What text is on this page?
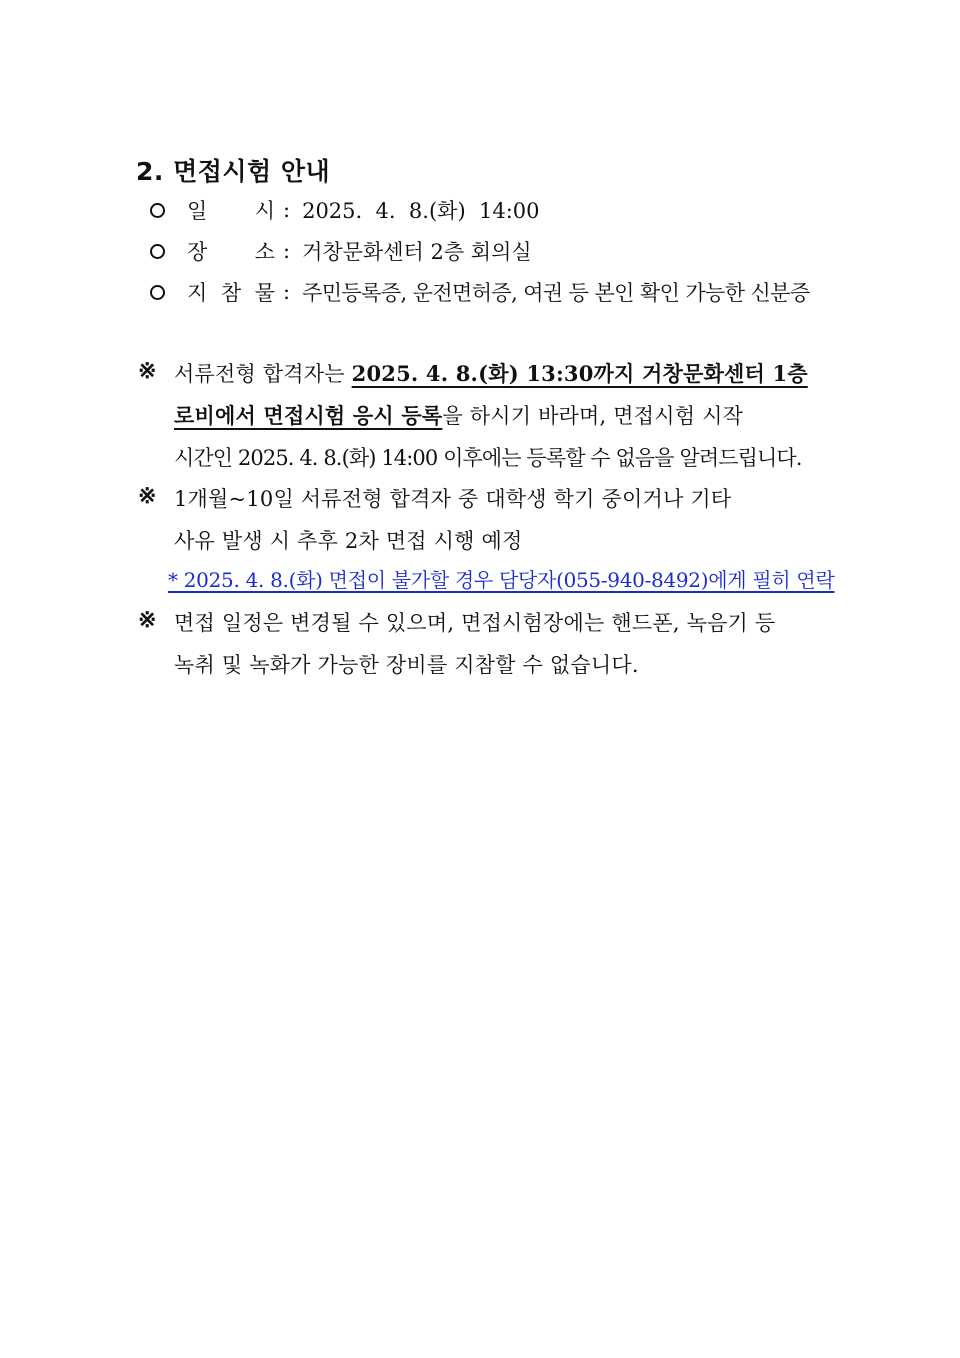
2. 면접시험 안내
일 시 : 2025.  4.  8.(화)  14:00
장 소 : 거창문화센터 2층 회의실
지 참 물 : 주민등록증, 운전면허증, 여권 등 본인 확인 가능한 신분증
※ 서류전형 합격자는 2025. 4. 8.(화) 13:30까지 거창문화센터 1층
로비에서 면접시험 응시 등록을 하시기 바라며, 면접시험 시작
시간인 2025. 4. 8.(화) 14:00 이후에는 등록할 수 없음을 알려드립니다.
※ 1개월~10일 서류전형 합격자 중 대학생 학기 중이거나 기타
사유 발생 시 추후 2차 면접 시행 예정
* 2025. 4. 8.(화) 면접이 불가할 경우 담당자(055-940-8492)에게 필히 연락
※ 면접 일정은 변경될 수 있으며, 면접시험장에는 핸드폰, 녹음기 등
녹취 및 녹화가 가능한 장비를 지참할 수 없습니다.
